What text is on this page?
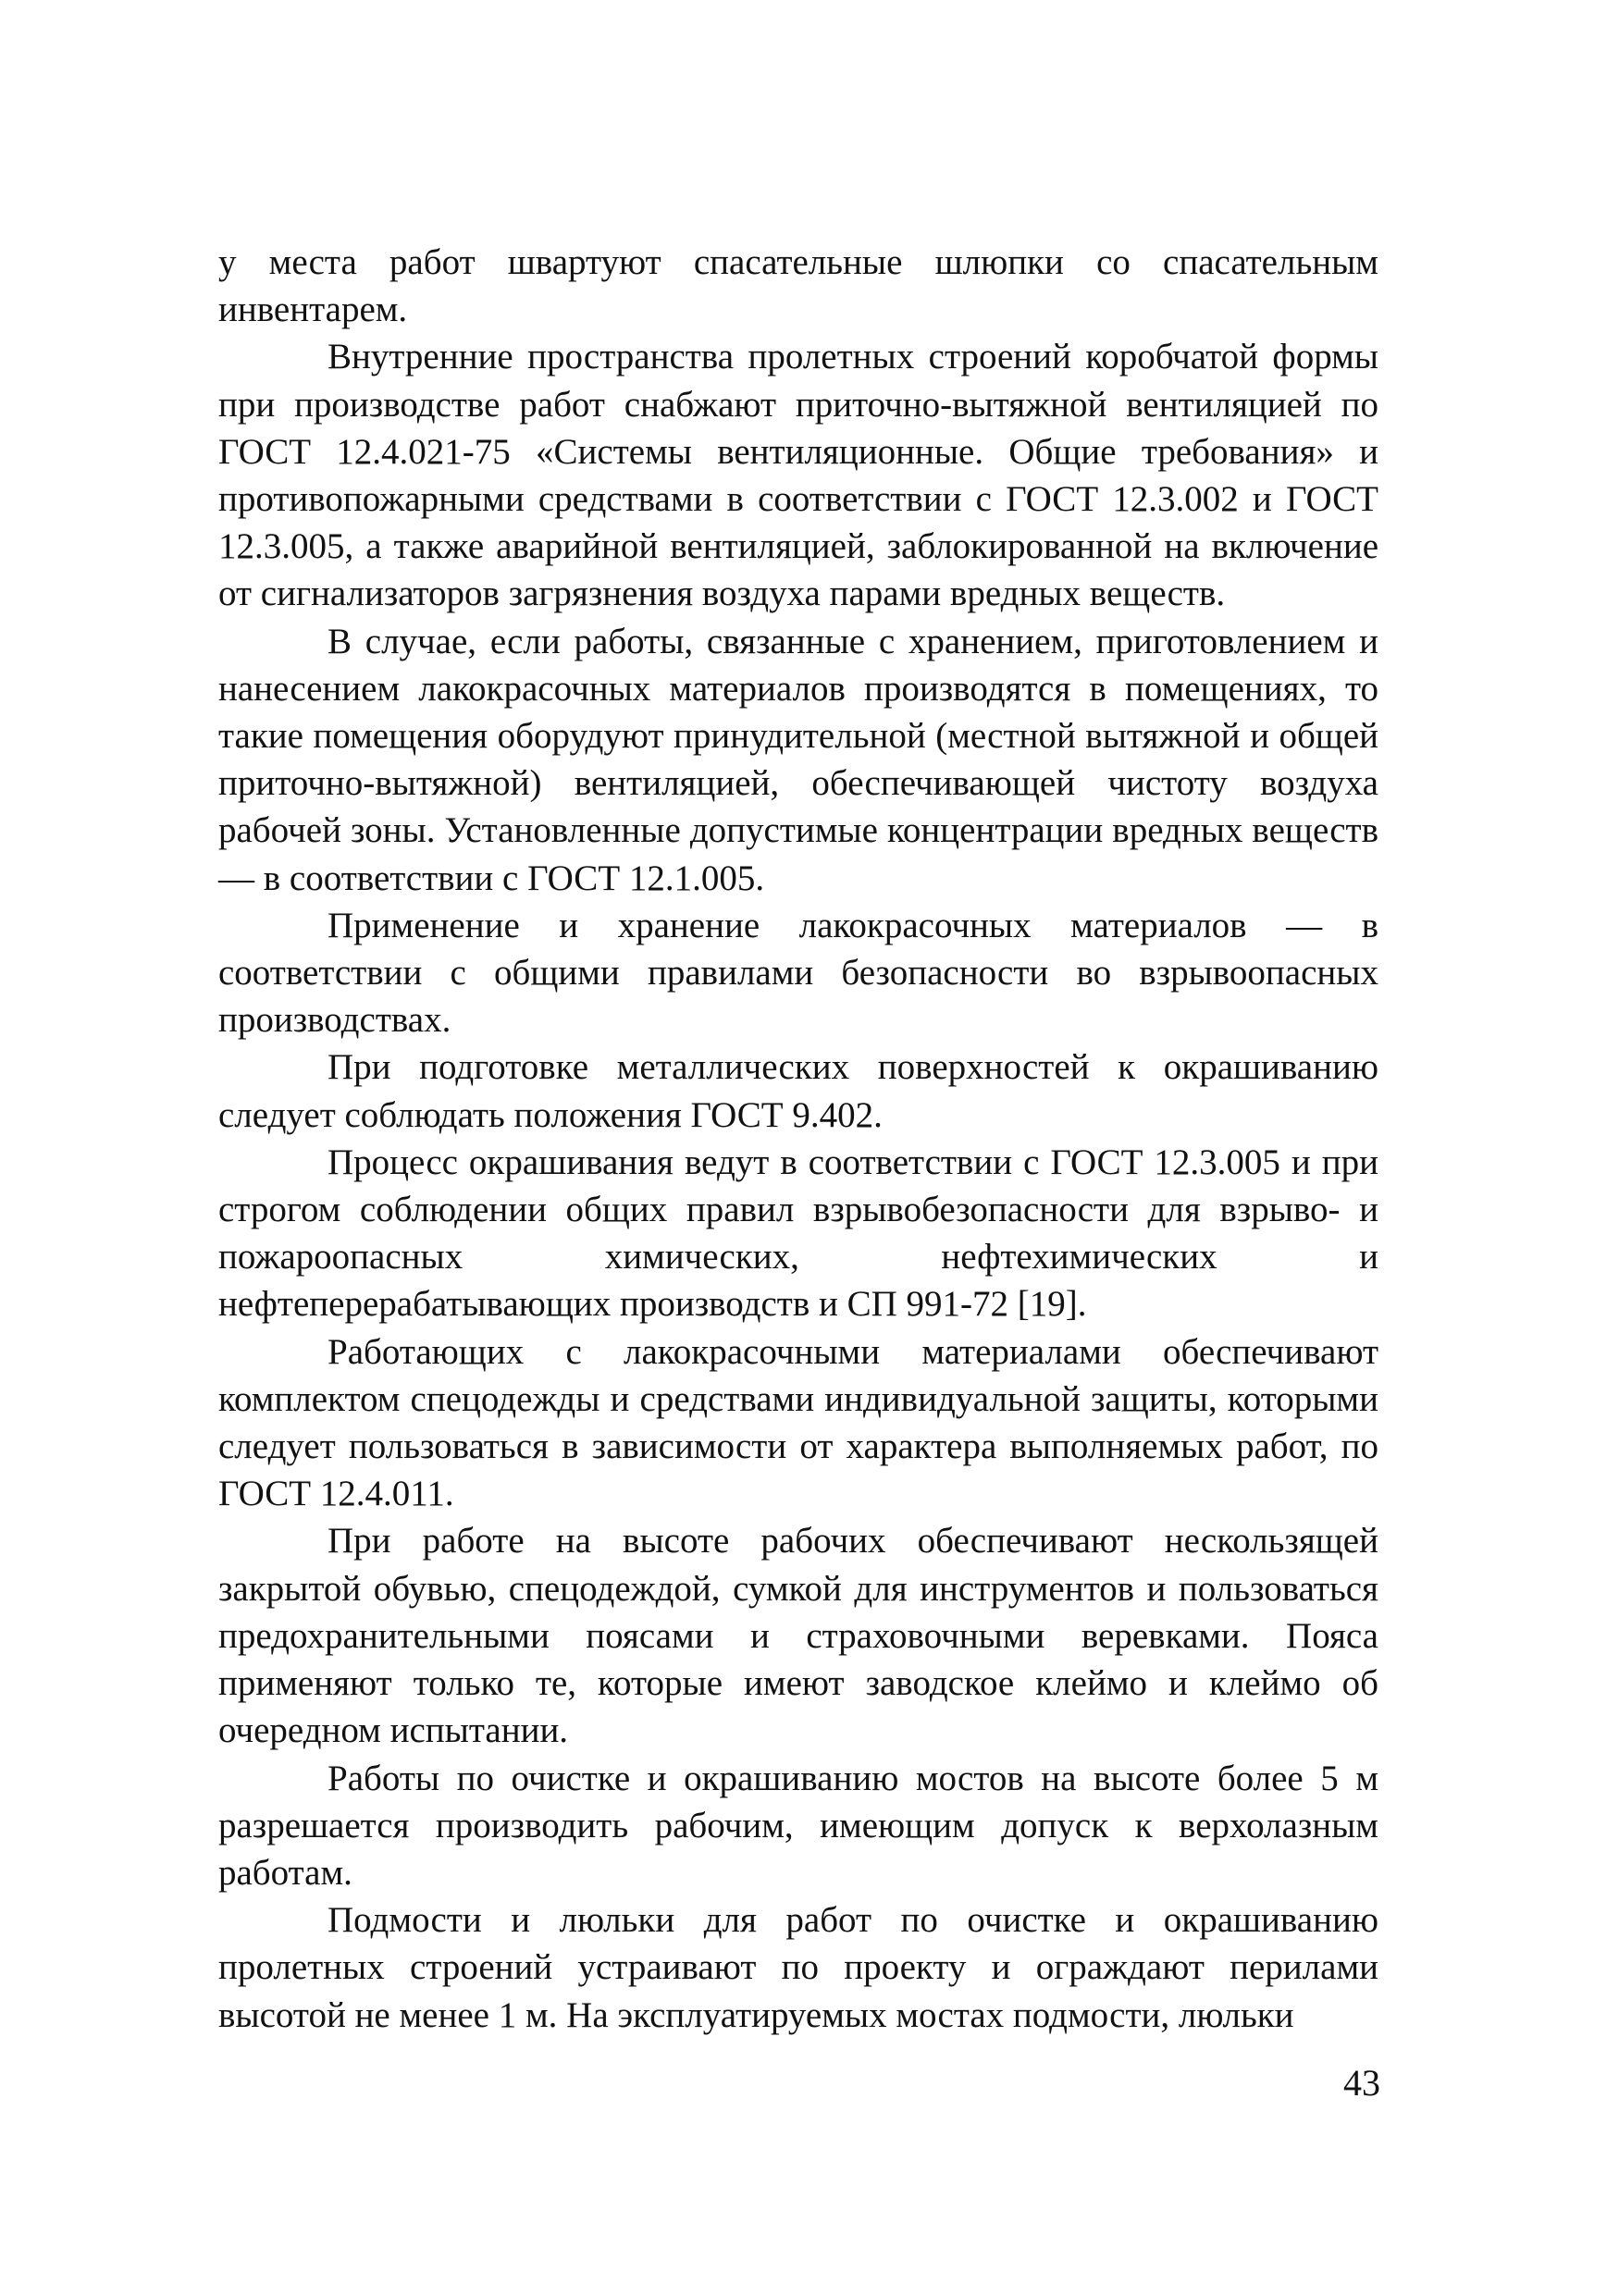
у места работ швартуют спасательные шлюпки со спасательным инвентарем.

Внутренние пространства пролетных строений коробчатой формы при производстве работ снабжают приточно-вытяжной вентиляцией по ГОСТ 12.4.021-75 «Системы вентиляционные. Общие требования» и противопожарными средствами в соответствии с ГОСТ 12.3.002 и ГОСТ 12.3.005, а также аварийной вентиляцией, заблокированной на включение от сигнализаторов загрязнения воздуха парами вредных веществ.

В случае, если работы, связанные с хранением, приготовлением и нанесением лакокрасочных материалов производятся в помещениях, то такие помещения оборудуют принудительной (местной вытяжной и общей приточно-вытяжной) вентиляцией, обеспечивающей чистоту воздуха рабочей зоны. Установленные допустимые концентрации вредных веществ — в соответствии с ГОСТ 12.1.005.

Применение и хранение лакокрасочных материалов — в соответствии с общими правилами безопасности во взрывоопасных производствах.

При подготовке металлических поверхностей к окрашиванию следует соблюдать положения ГОСТ 9.402.

Процесс окрашивания ведут в соответствии с ГОСТ 12.3.005 и при строгом соблюдении общих правил взрывобезопасности для взрыво- и пожароопасных химических, нефтехимических и нефтеперерабатывающих производств и СП 991-72 [19].

Работающих с лакокрасочными материалами обеспечивают комплектом спецодежды и средствами индивидуальной защиты, которыми следует пользоваться в зависимости от характера выполняемых работ, по ГОСТ 12.4.011.

При работе на высоте рабочих обеспечивают нескользящей закрытой обувью, спецодеждой, сумкой для инструментов и пользоваться предохранительными поясами и страховочными веревками. Пояса применяют только те, которые имеют заводское клеймо и клеймо об очередном испытании.

Работы по очистке и окрашиванию мостов на высоте более 5 м разрешается производить рабочим, имеющим допуск к верхолазным работам.

Подмости и люльки для работ по очистке и окрашиванию пролетных строений устраивают по проекту и ограждают перилами высотой не менее 1 м. На эксплуатируемых мостах подмости, люльки

43
